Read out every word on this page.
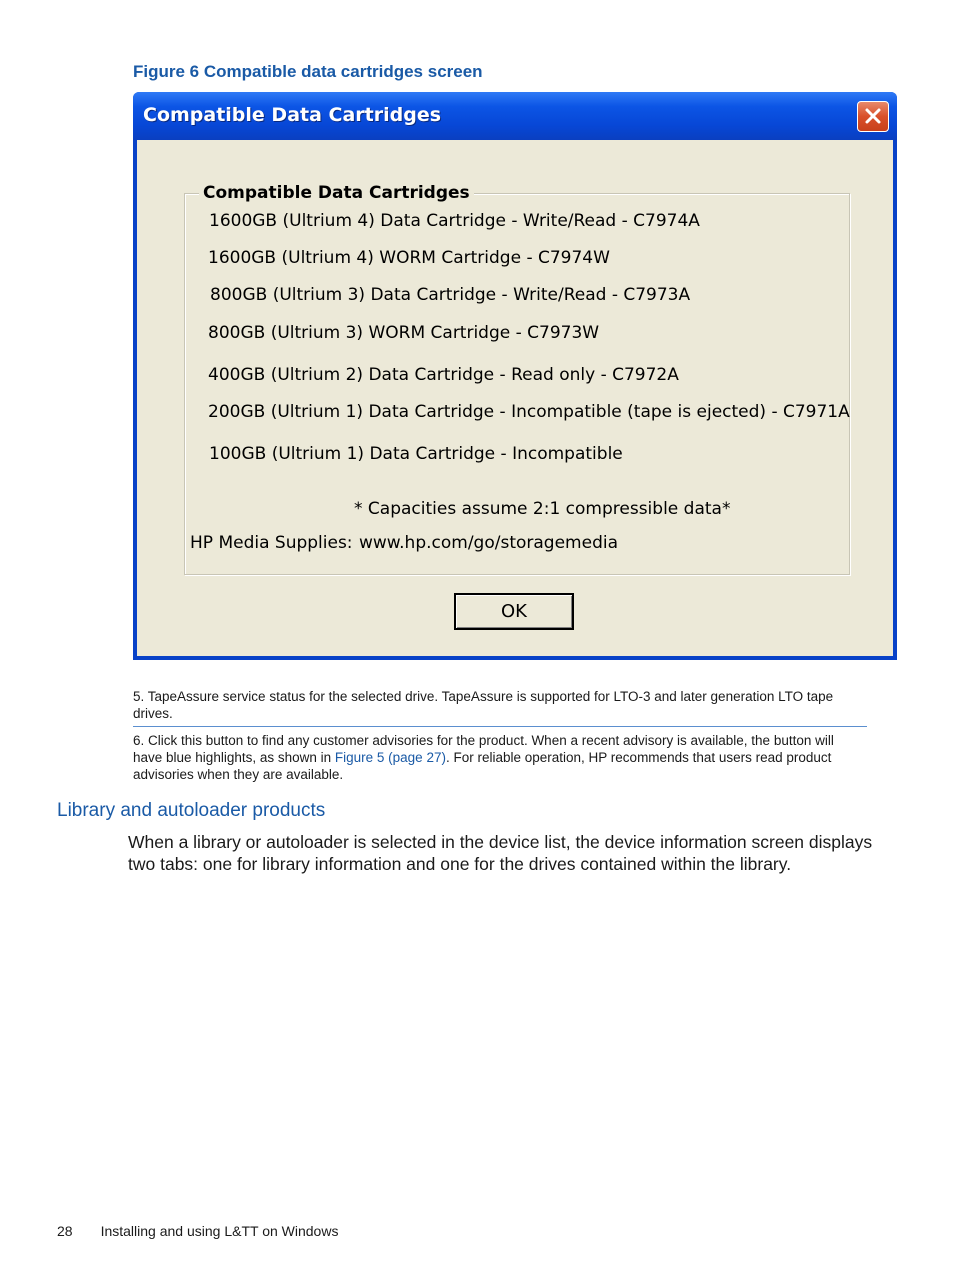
Figure 6 Compatible data cartridges screen
Compatible Data Cartridges
Compatible Data Cartridges
1600GB (Ultrium 4) Data Cartridge - Write/Read - C7974A
1600GB (Ultrium 4) WORM Cartridge - C7974W
800GB (Ultrium 3) Data Cartridge - Write/Read - C7973A
800GB (Ultrium 3) WORM Cartridge - C7973W
400GB (Ultrium 2) Data Cartridge - Read only - C7972A
200GB (Ultrium 1) Data Cartridge - Incompatible (tape is ejected) - C7971A
100GB (Ultrium 1) Data Cartridge - Incompatible
* Capacities assume 2:1 compressible data*
HP Media Supplies: www.hp.com/go/storagemedia
OK
5. TapeAssure service status for the selected drive. TapeAssure is supported for LTO-3 and later generation LTO tape drives.
6. Click this button to find any customer advisories for the product. When a recent advisory is available, the button will have blue highlights, as shown in Figure 5 (page 27). For reliable operation, HP recommends that users read product advisories when they are available.
Library and autoloader products
When a library or autoloader is selected in the device list, the device information screen displays two tabs: one for library information and one for the drives contained within the library.
28 Installing and using L&TT on Windows
